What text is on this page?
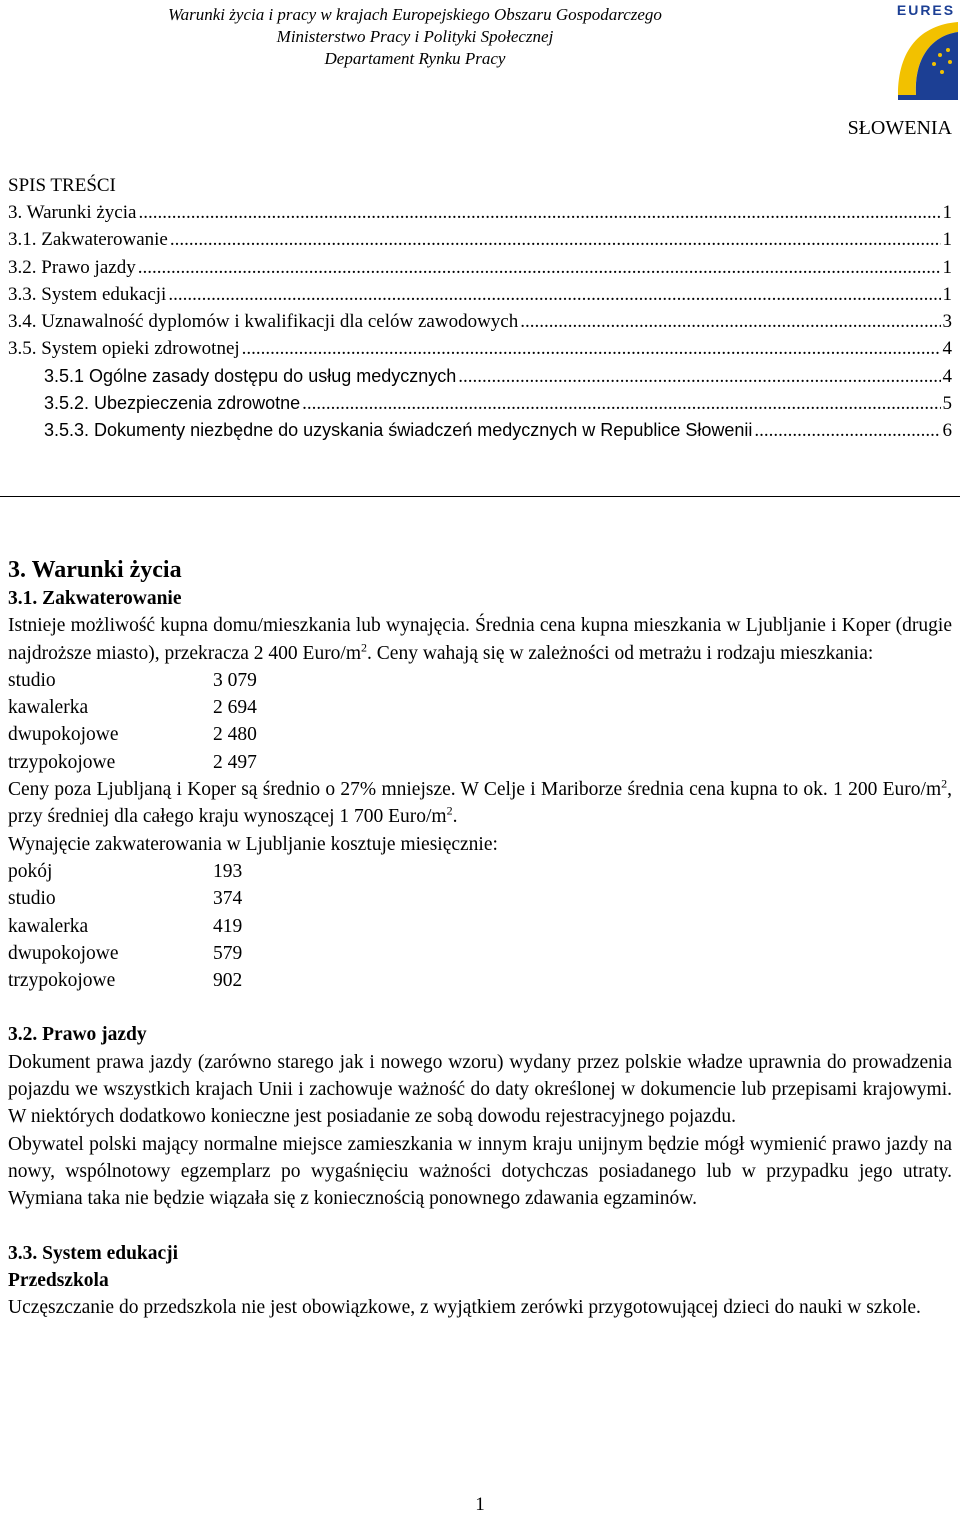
Warunki życia i pracy w krajach Europejskiego Obszaru Gospodarczego
Ministerstwo Pracy i Polityki Społecznej
Departament Rynku Pracy
EURES
SŁOWENIA
SPIS TREŚCI
3. Warunki życia .....	1
3.1. Zakwaterowanie .....	1
3.2. Prawo jazdy .....	1
3.3. System edukacji .....	1
3.4. Uznawalność dyplomów i kwalifikacji dla celów zawodowych .....	3
3.5. System opieki zdrowotnej .....	4
3.5.1 Ogólne zasady dostępu do usług medycznych .....	4
3.5.2. Ubezpieczenia zdrowotne .....	5
3.5.3. Dokumenty niezbędne do uzyskania świadczeń medycznych w Republice Słowenii .....	6
3. Warunki życia
3.1. Zakwaterowanie

Istnieje możliwość kupna domu/mieszkania lub wynajęcia. Średnia cena kupna mieszkania w Ljubljanie i Koper (drugie najdroższe miasto), przekracza 2 400 Euro/$m^2$. Ceny wahają się w zależności od metrażu i rodzaju mieszkania:

studio	3 079
kawalerka	2 694
dwupokojowe	2 480
trzypokojowe	2 497

Ceny poza Ljubljaną i Koper są średnio o 27% mniejsze. W Celje i Mariborze średnia cena kupna to ok. 1 200 Euro/$m^2$, przy średniej dla całego kraju wynoszącej 1 700 Euro/$m^2$.

Wynajęcie zakwaterowania w Ljubljanie kosztuje miesięcznie:

pokój	193
studio	374
kawalerka	419
dwupokojowe	579
trzypokojowe	902
3.2. Prawo jazdy

Dokument prawa jazdy (zarówno starego jak i nowego wzoru) wydany przez polskie władze uprawnia do prowadzenia pojazdu we wszystkich krajach Unii i zachowuje ważność do daty określonej w dokumencie lub przepisami krajowymi. W niektórych dodatkowo konieczne jest posiadanie ze sobą dowodu rejestracyjnego pojazdu.

Obywatel polski mający normalne miejsce zamieszkania w innym kraju unijnym będzie mógł wymienić prawo jazdy na nowy, wspólnotowy egzemplarz po wygaśnięciu ważności dotychczas posiadanego lub w przypadku jego utraty. Wymiana taka nie będzie wiązała się z koniecznością ponownego zdawania egzaminów.

3.3. System edukacji
Przedszkola

Uczęszczanie do przedszkola nie jest obowiązkowe, z wyjątkiem zerówki przygotowującej dzieci do nauki w szkole.

1
